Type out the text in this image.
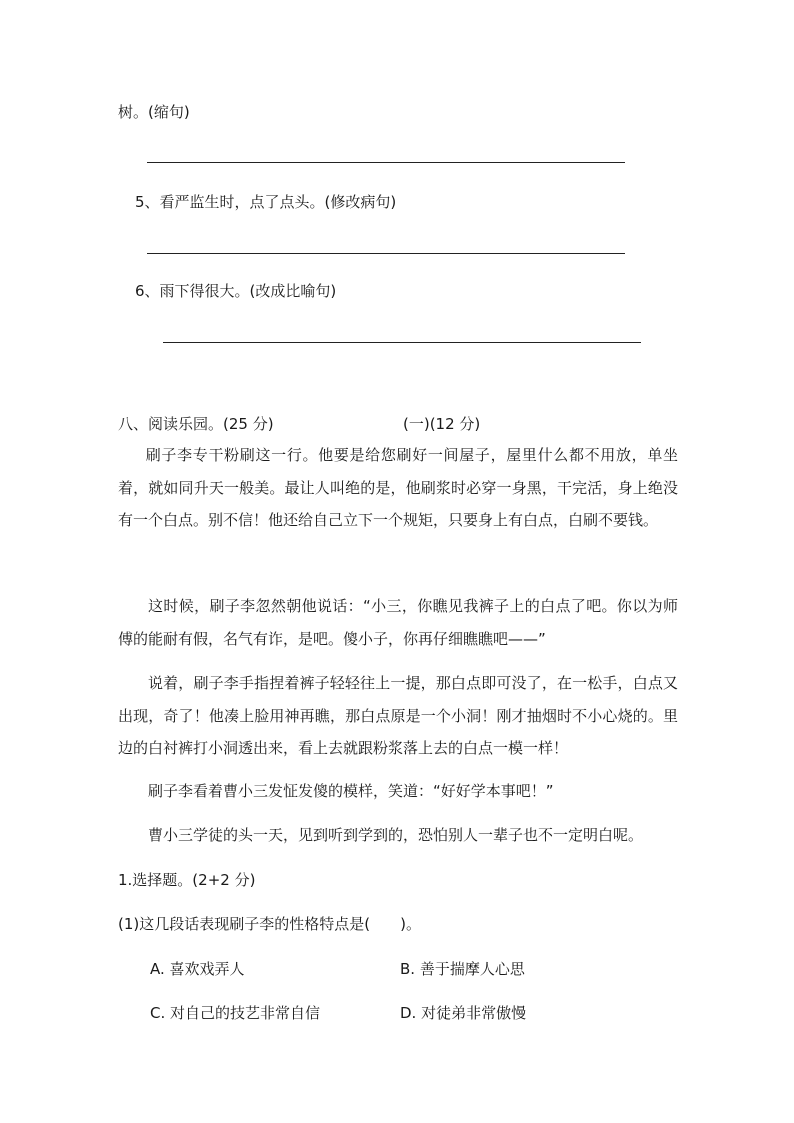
树。(缩句)
5、看严监生时，点了点头。(修改病句)
6、雨下得很大。(改成比喻句)
八、阅读乐园。(25 分)	(一)(12 分)
刷子李专干粉刷这一行。他要是给您刷好一间屋子，屋里什么都不用放，单坐着，就如同升天一般美。最让人叫绝的是，他刷浆时必穿一身黑，干完活，身上绝没有一个白点。别不信！他还给自己立下一个规矩，只要身上有白点，白刷不要钱。
这时候，刷子李忽然朝他说话：“小三，你瞧见我裤子上的白点了吧。你以为师傅的能耐有假，名气有诈，是吧。傻小子，你再仔细瞧瞧吧——”
说着，刷子李手指捏着裤子轻轻往上一提，那白点即可没了，在一松手，白点又出现，奇了！他凑上脸用神再瞧，那白点原是一个小洞！刚才抽烟时不小心烧的。里边的白衬裤打小洞透出来，看上去就跟粉浆落上去的白点一模一样！
刷子李看着曹小三发怔发傻的模样，笑道：“好好学本事吧！”
曹小三学徒的头一天，见到听到学到的，恐怕别人一辈子也不一定明白呢。
1.选择题。(2+2 分)
(1)这几段话表现刷子李的性格特点是(　　)。
A. 喜欢戏弄人	B. 善于揣摩人心思
C. 对自己的技艺非常自信	D. 对徒弟非常傲慢
